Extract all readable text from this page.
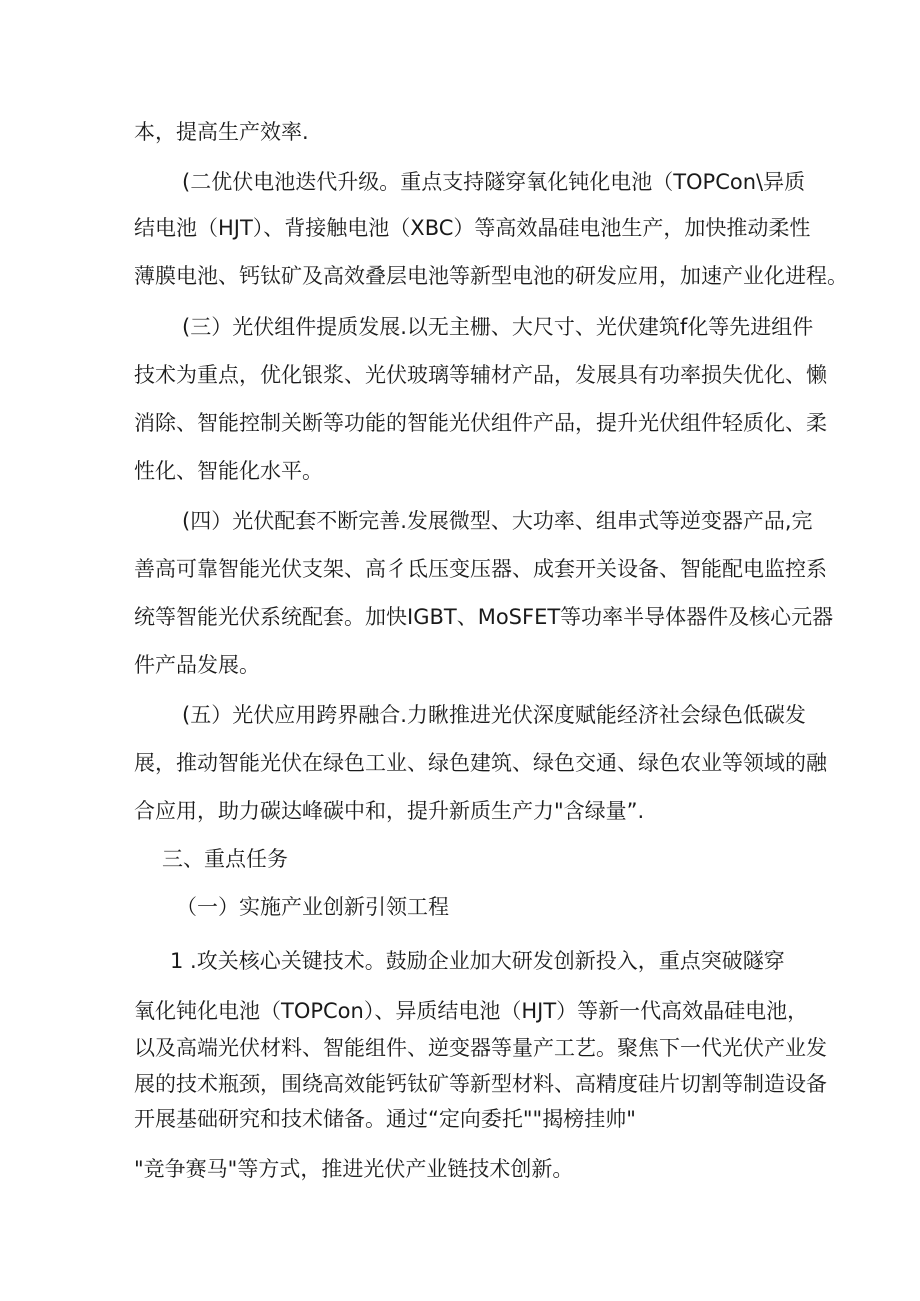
本，提高生产效率.
(二优伏电池迭代升级。重点支持隧穿氧化钝化电池（TOPCon\异质
结电池（HJT）、背接触电池（XBC）等高效晶硅电池生产，加快推动柔性
薄膜电池、钙钛矿及高效叠层电池等新型电池的研发应用，加速产业化进程。
(三）光伏组件提质发展.以无主栅、大尺寸、光伏建筑f化等先进组件
技术为重点，优化银浆、光伏玻璃等辅材产品，发展具有功率损失优化、懒
消除、智能控制关断等功能的智能光伏组件产品，提升光伏组件轻质化、柔
性化、智能化水平。
(四）光伏配套不断完善.发展微型、大功率、组串式等逆变器产品,完
善高可靠智能光伏支架、高彳氐压变压器、成套开关设备、智能配电监控系
统等智能光伏系统配套。加快IGBT、MoSFET等功率半导体器件及核心元器
件产品发展。
(五）光伏应用跨界融合.力瞅推进光伏深度赋能经济社会绿色低碳发
展，推动智能光伏在绿色工业、绿色建筑、绿色交通、绿色农业等领域的融
合应用，助力碳达峰碳中和，提升新质生产力"含绿量”.
三、重点任务
（一）实施产业创新引领工程
1 .攻关核心关键技术。鼓励企业加大研发创新投入，重点突破隧穿
氧化钝化电池（TOPCon）、异质结电池（HJT）等新一代高效晶硅电池，
以及高端光伏材料、智能组件、逆变器等量产工艺。聚焦下一代光伏产业发
展的技术瓶颈，围绕高效能钙钛矿等新型材料、高精度硅片切割等制造设备
开展基础研究和技术储备。通过“定向委托""揭榜挂帅"
"竞争赛马"等方式，推进光伏产业链技术创新。
